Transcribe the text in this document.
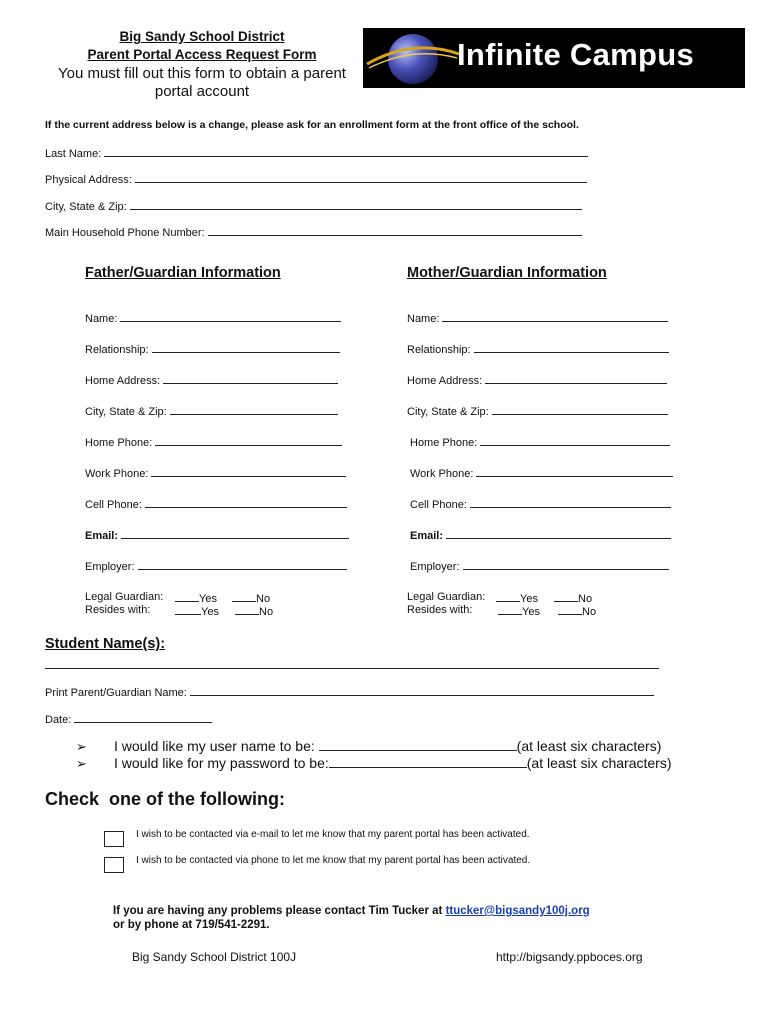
Big Sandy School District
Parent Portal Access Request Form
You must fill out this form to obtain a parent
portal account
Infinite Campus
If the current address below is a change, please ask for an enrollment form at the front office of the school.
Last Name:
Physical Address:
City, State & Zip:
Main Household Phone Number:
Father/Guardian Information	Mother/Guardian Information
Name:
Relationship:
Home Address:
City, State & Zip:
Home Phone:
Work Phone:
Cell Phone:
Email:
Employer:
Legal Guardian:
Resides with:
Yes	No
Yes	No
Name:
Relationship:
Home Address:
City, State & Zip:
Home Phone:
Work Phone:
Cell Phone:
Email:
Employer:
Legal Guardian:
Resides with:
Yes	No
Yes	No
Student Name(s):
Print Parent/Guardian Name:
Date:
➢ I would like my user name to be:	(at least six characters)
➢ I would like for my password to be:	(at least six characters)
Check  one of the following:
I wish to be contacted via e-mail to let me know that my parent portal has been activated.
I wish to be contacted via phone to let me know that my parent portal has been activated.
If you are having any problems please contact Tim Tucker at ttucker@bigsandy100j.org
or by phone at 719/541-2291.
Big Sandy School District 100J	http://bigsandy.ppboces.org
